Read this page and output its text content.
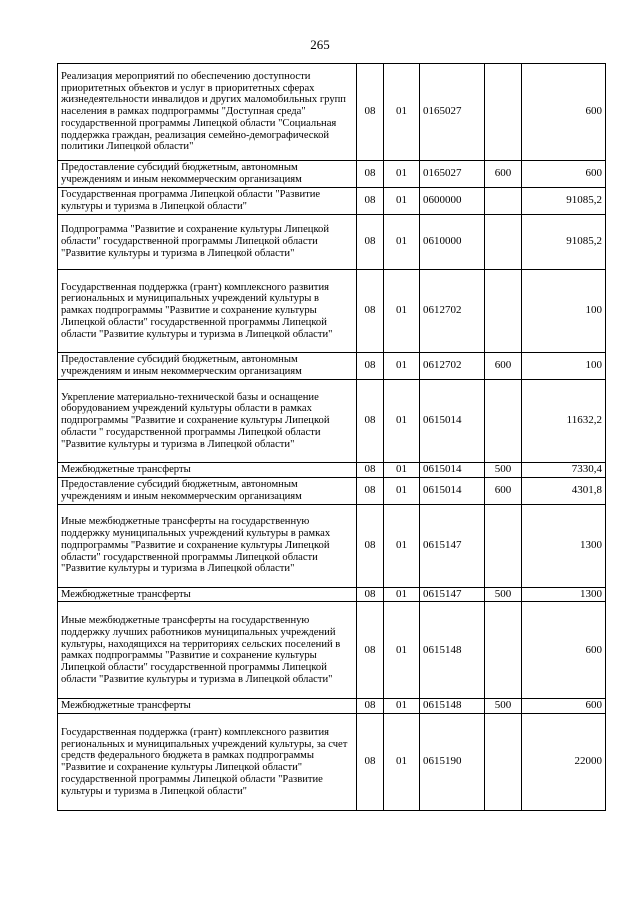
265
Реализация мероприятий по обеспечению доступности приоритетных объектов и услуг в приоритетных сферах жизнедеятельности инвалидов и других маломобильных групп населения в рамках подпрограммы "Доступная среда" государственной программы Липецкой области "Социальная поддержка граждан, реализация семейно-демографической политики Липецкой области"	08	01	0165027		600
Предоставление субсидий бюджетным, автономным учреждениям и иным некоммерческим организациям	08	01	0165027	600	600
Государственная программа Липецкой области "Развитие культуры и туризма в Липецкой области"	08	01	0600000		91085,2
Подпрограмма "Развитие и сохранение культуры Липецкой области" государственной программы Липецкой области "Развитие культуры и туризма в Липецкой области"	08	01	0610000		91085,2
Государственная поддержка (грант) комплексного развития региональных и муниципальных учреждений культуры в рамках подпрограммы "Развитие и сохранение культуры Липецкой области" государственной программы Липецкой области "Развитие культуры и туризма в Липецкой области"	08	01	0612702		100
Предоставление субсидий бюджетным, автономным учреждениям и иным некоммерческим организациям	08	01	0612702	600	100
Укрепление материально-технической базы и оснащение оборудованием учреждений культуры области в рамках подпрограммы "Развитие и сохранение культуры Липецкой области " государственной программы Липецкой области "Развитие культуры и туризма в Липецкой области"	08	01	0615014		11632,2
Межбюджетные трансферты	08	01	0615014	500	7330,4
Предоставление субсидий бюджетным, автономным учреждениям и иным некоммерческим организациям	08	01	0615014	600	4301,8
Иные межбюджетные трансферты на государственную поддержку муниципальных учреждений культуры в рамках подпрограммы "Развитие и сохранение культуры Липецкой области" государственной программы Липецкой области "Развитие культуры и туризма в Липецкой области"	08	01	0615147		1300
Межбюджетные трансферты	08	01	0615147	500	1300
Иные межбюджетные трансферты на государственную поддержку лучших работников муниципальных учреждений культуры, находящихся на территориях сельских поселений в рамках подпрограммы "Развитие и сохранение культуры Липецкой области" государственной программы Липецкой области "Развитие культуры и туризма в Липецкой области"	08	01	0615148		600
Межбюджетные трансферты	08	01	0615148	500	600
Государственная поддержка (грант) комплексного развития региональных и муниципальных учреждений культуры, за счет средств федерального бюджета в рамках подпрограммы "Развитие и сохранение культуры Липецкой области" государственной программы Липецкой области "Развитие культуры и туризма в Липецкой области"	08	01	0615190		22000
